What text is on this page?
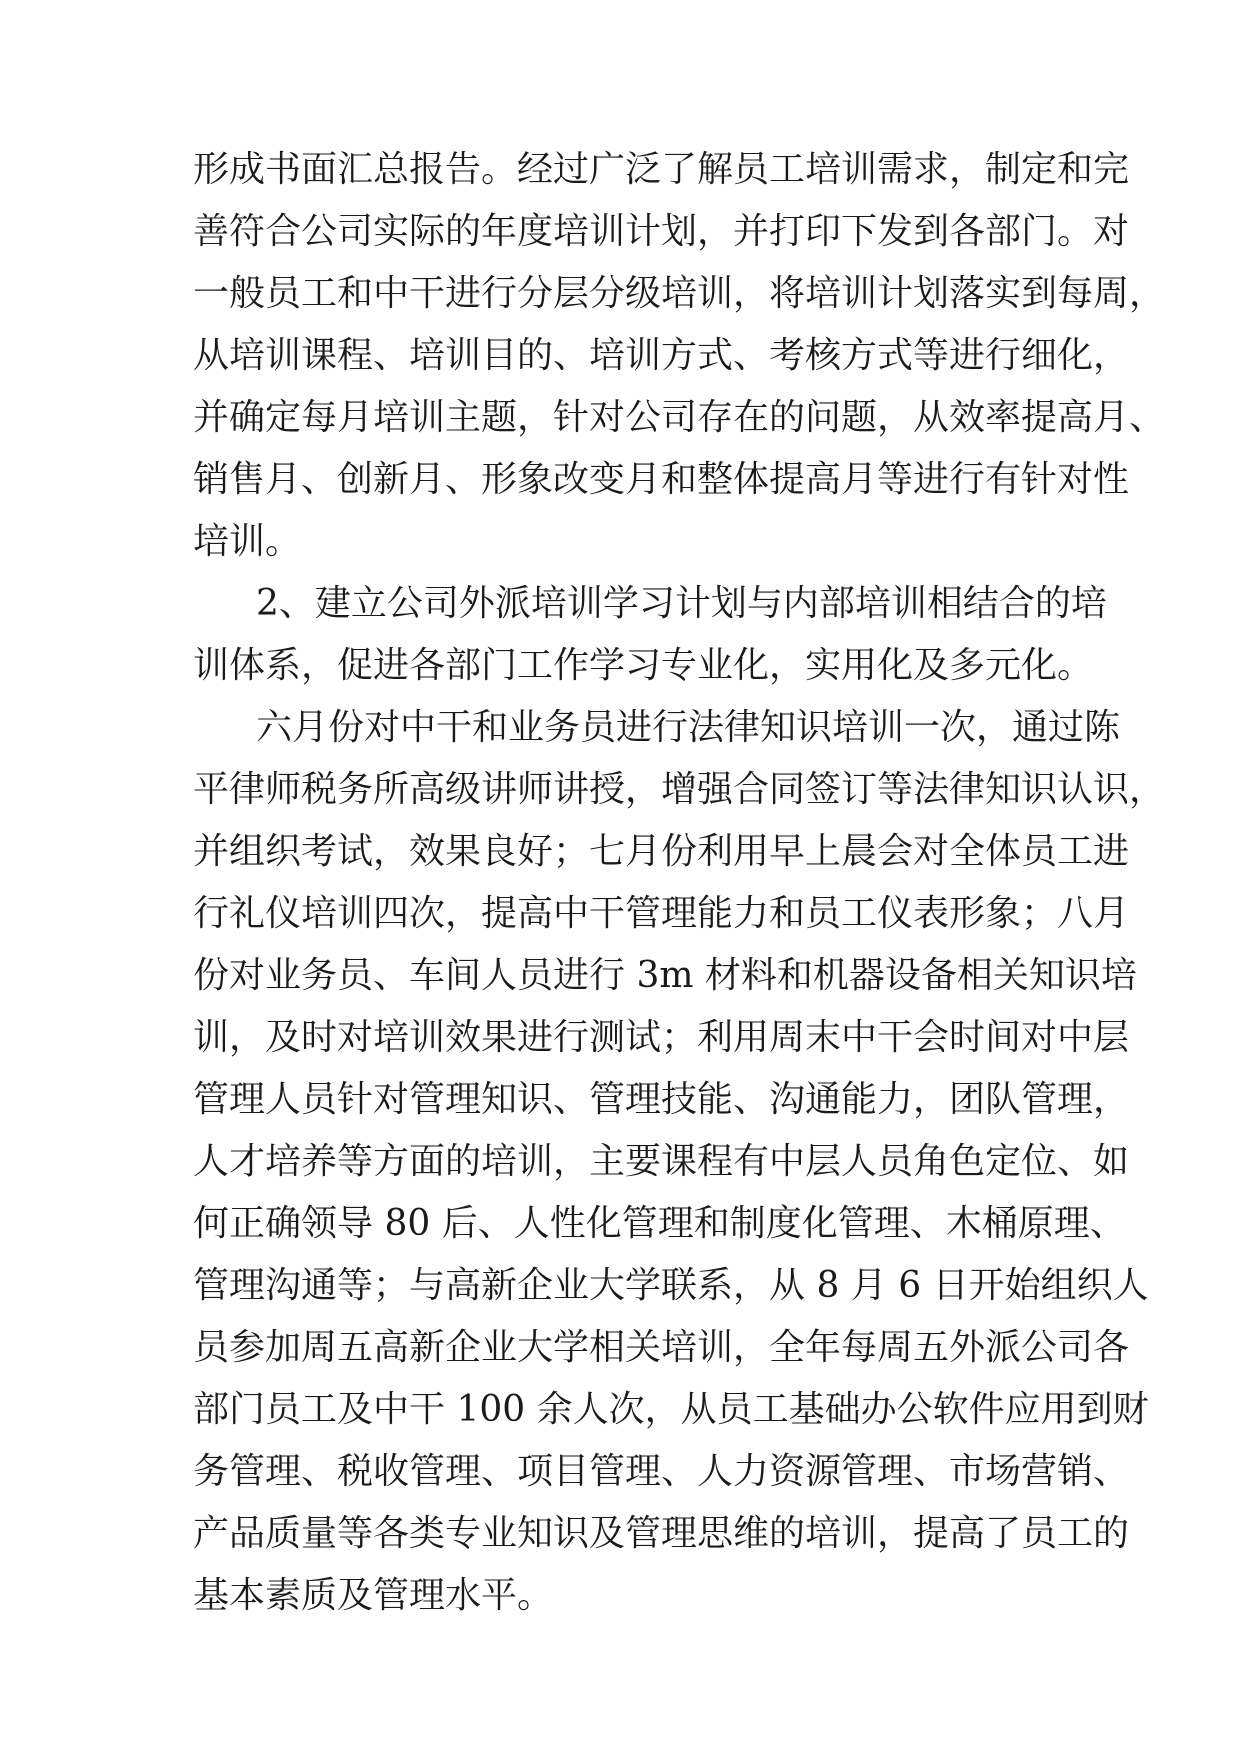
形成书面汇总报告。经过广泛了解员工培训需求，制定和完

善符合公司实际的年度培训计划，并打印下发到各部门。对

一般员工和中干进行分层分级培训，将培训计划落实到每周，

从培训课程、培训目的、培训方式、考核方式等进行细化，

并确定每月培训主题，针对公司存在的问题，从效率提高月、

销售月、创新月、形象改变月和整体提高月等进行有针对性

培训。

2、建立公司外派培训学习计划与内部培训相结合的培

训体系，促进各部门工作学习专业化，实用化及多元化。

六月份对中干和业务员进行法律知识培训一次，通过陈

平律师税务所高级讲师讲授，增强合同签订等法律知识认识，

并组织考试，效果良好；七月份利用早上晨会对全体员工进

行礼仪培训四次，提高中干管理能力和员工仪表形象；八月

份对业务员、车间人员进行 3m 材料和机器设备相关知识培

训，及时对培训效果进行测试；利用周末中干会时间对中层

管理人员针对管理知识、管理技能、沟通能力，团队管理，

人才培养等方面的培训，主要课程有中层人员角色定位、如

何正确领导 80 后、人性化管理和制度化管理、木桶原理、

管理沟通等；与高新企业大学联系，从 8 月 6 日开始组织人

员参加周五高新企业大学相关培训，全年每周五外派公司各

部门员工及中干 100 余人次，从员工基础办公软件应用到财

务管理、税收管理、项目管理、人力资源管理、市场营销、

产品质量等各类专业知识及管理思维的培训，提高了员工的

基本素质及管理水平。
